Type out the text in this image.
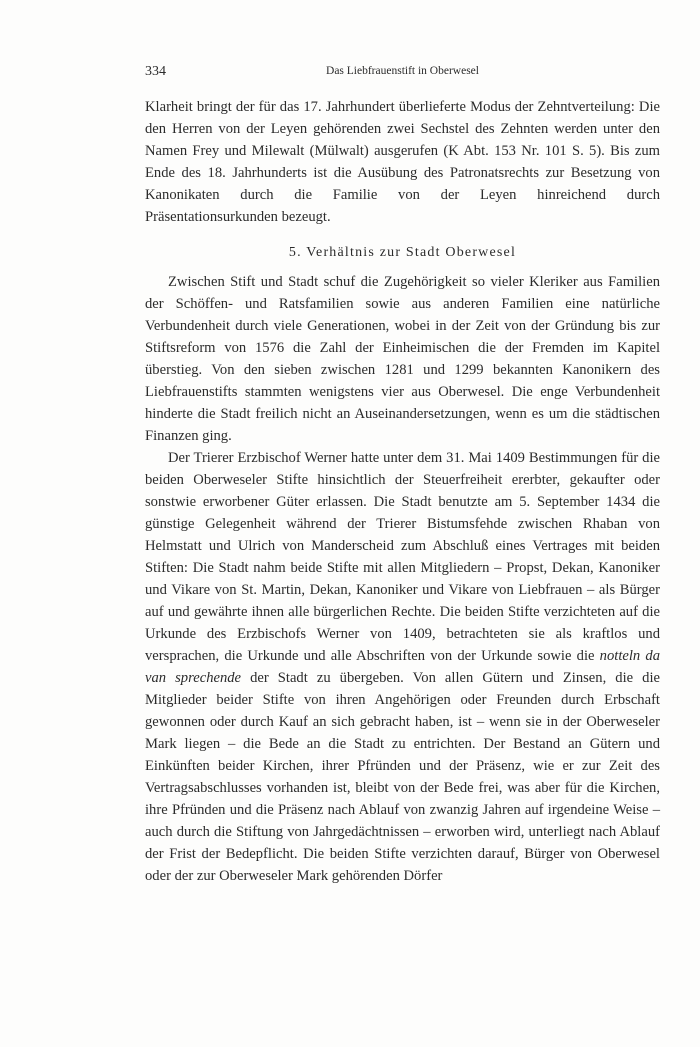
334	Das Liebfrauenstift in Oberwesel

Klarheit bringt der für das 17. Jahrhundert überlieferte Modus der Zehntverteilung: Die den Herren von der Leyen gehörenden zwei Sechstel des Zehnten werden unter den Namen Frey und Milewalt (Mülwalt) ausgerufen (K Abt. 153 Nr. 101 S. 5). Bis zum Ende des 18. Jahrhunderts ist die Ausübung des Patronatsrechts zur Besetzung von Kanonikaten durch die Familie von der Leyen hinreichend durch Präsentationsurkunden bezeugt.

5. Verhältnis zur Stadt Oberwesel

Zwischen Stift und Stadt schuf die Zugehörigkeit so vieler Kleriker aus Familien der Schöffen- und Ratsfamilien sowie aus anderen Familien eine natürliche Verbundenheit durch viele Generationen, wobei in der Zeit von der Gründung bis zur Stiftsreform von 1576 die Zahl der Einheimischen die der Fremden im Kapitel überstieg. Von den sieben zwischen 1281 und 1299 bekannten Kanonikern des Liebfrauenstifts stammten wenigstens vier aus Oberwesel. Die enge Verbundenheit hinderte die Stadt freilich nicht an Auseinandersetzungen, wenn es um die städtischen Finanzen ging.

Der Trierer Erzbischof Werner hatte unter dem 31. Mai 1409 Bestimmungen für die beiden Oberweseler Stifte hinsichtlich der Steuerfreiheit ererbter, gekaufter oder sonstwie erworbener Güter erlassen. Die Stadt benutzte am 5. September 1434 die günstige Gelegenheit während der Trierer Bistumsfehde zwischen Rhaban von Helmstatt und Ulrich von Manderscheid zum Abschluß eines Vertrages mit beiden Stiften: Die Stadt nahm beide Stifte mit allen Mitgliedern – Propst, Dekan, Kanoniker und Vikare von St. Martin, Dekan, Kanoniker und Vikare von Liebfrauen – als Bürger auf und gewährte ihnen alle bürgerlichen Rechte. Die beiden Stifte verzichteten auf die Urkunde des Erzbischofs Werner von 1409, betrachteten sie als kraftlos und versprachen, die Urkunde und alle Abschriften von der Urkunde sowie die notteln da van sprechende der Stadt zu übergeben. Von allen Gütern und Zinsen, die die Mitglieder beider Stifte von ihren Angehörigen oder Freunden durch Erbschaft gewonnen oder durch Kauf an sich gebracht haben, ist – wenn sie in der Oberweseler Mark liegen – die Bede an die Stadt zu entrichten. Der Bestand an Gütern und Einkünften beider Kirchen, ihrer Pfründen und der Präsenz, wie er zur Zeit des Vertragsabschlusses vorhanden ist, bleibt von der Bede frei, was aber für die Kirchen, ihre Pfründen und die Präsenz nach Ablauf von zwanzig Jahren auf irgendeine Weise – auch durch die Stiftung von Jahrgedächtnissen – erworben wird, unterliegt nach Ablauf der Frist der Bedepflicht. Die beiden Stifte verzichten darauf, Bürger von Oberwesel oder der zur Oberweseler Mark gehörenden Dörfer
